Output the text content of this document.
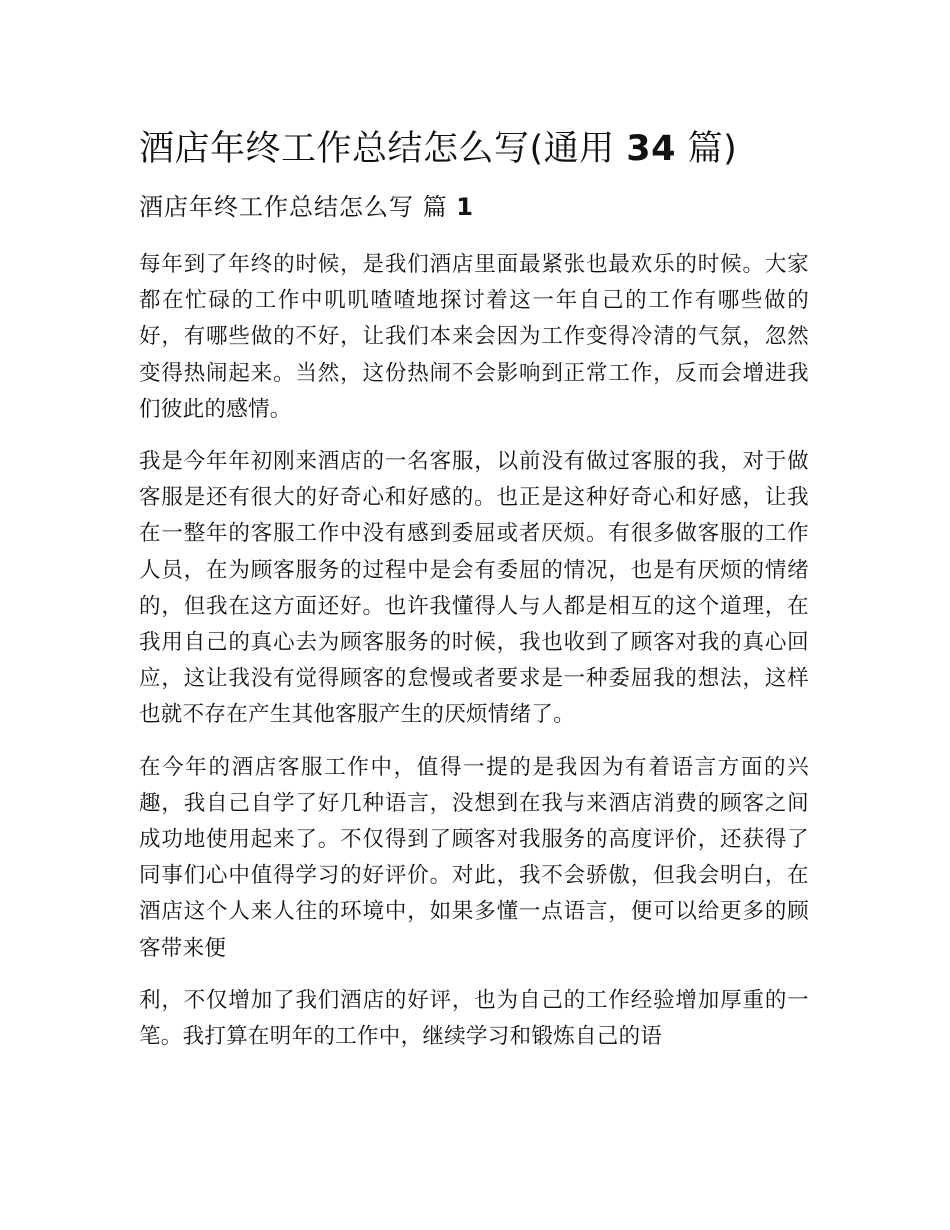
酒店年终工作总结怎么写(通用 34 篇)
酒店年终工作总结怎么写 篇 1

每年到了年终的时候，是我们酒店里面最紧张也最欢乐的时候。大家都在忙碌的工作中叽叽喳喳地探讨着这一年自己的工作有哪些做的好，有哪些做的不好，让我们本来会因为工作变得冷清的气氛，忽然变得热闹起来。当然，这份热闹不会影响到正常工作，反而会增进我们彼此的感情。

我是今年年初刚来酒店的一名客服，以前没有做过客服的我，对于做客服是还有很大的好奇心和好感的。也正是这种好奇心和好感，让我在一整年的客服工作中没有感到委屈或者厌烦。有很多做客服的工作人员，在为顾客服务的过程中是会有委屈的情况，也是有厌烦的情绪的，但我在这方面还好。也许我懂得人与人都是相互的这个道理，在我用自己的真心去为顾客服务的时候，我也收到了顾客对我的真心回应，这让我没有觉得顾客的怠慢或者要求是一种委屈我的想法，这样也就不存在产生其他客服产生的厌烦情绪了。

在今年的酒店客服工作中，值得一提的是我因为有着语言方面的兴趣，我自己自学了好几种语言，没想到在我与来酒店消费的顾客之间成功地使用起来了。不仅得到了顾客对我服务的高度评价，还获得了同事们心中值得学习的好评价。对此，我不会骄傲，但我会明白，在酒店这个人来人往的环境中，如果多懂一点语言，便可以给更多的顾客带来便

利，不仅增加了我们酒店的好评，也为自己的工作经验增加厚重的一笔。我打算在明年的工作中，继续学习和锻炼自己的语
